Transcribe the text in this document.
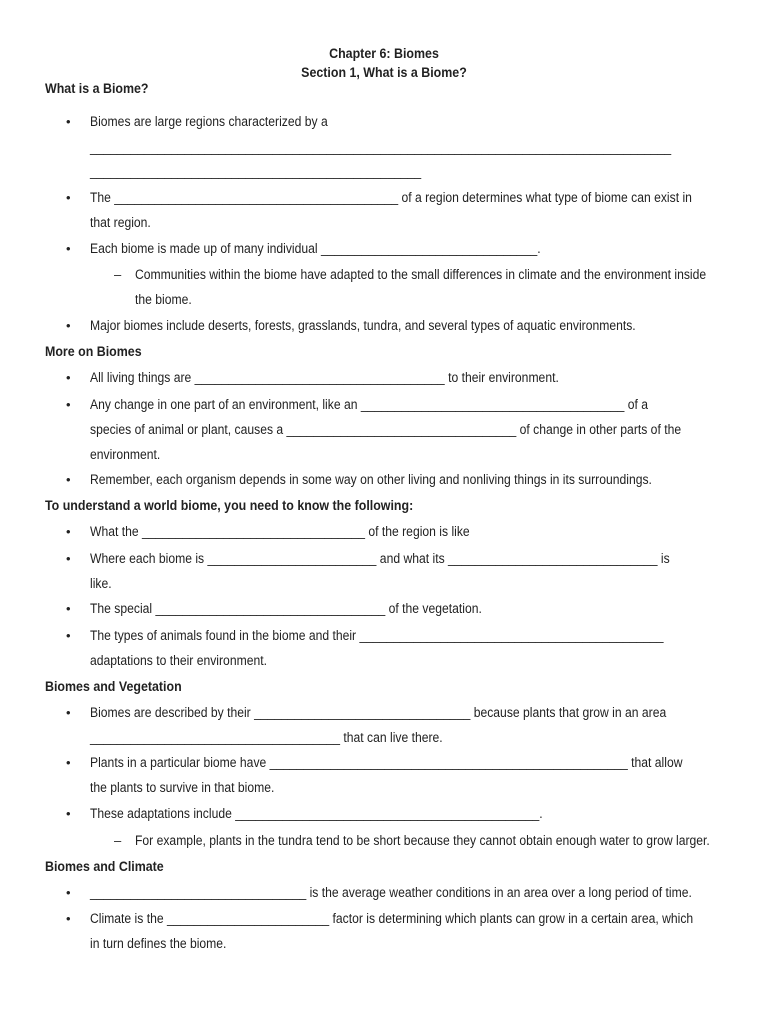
Chapter 6: Biomes
Section 1, What is a Biome?
What is a Biome?
• Biomes are large regions characterized by a
______________________________________________________________________________________
_________________________________________________
• The __________________________________________ of a region determines what type of biome can exist in
that region.
• Each biome is made up of many individual ________________________________.
– Communities within the biome have adapted to the small differences in climate and the environment inside
the biome.
• Major biomes include deserts, forests, grasslands, tundra, and several types of aquatic environments.
More on Biomes
• All living things are _____________________________________ to their environment.
• Any change in one part of an environment, like an _______________________________________ of a
species of animal or plant, causes a __________________________________ of change in other parts of the
environment.
• Remember, each organism depends in some way on other living and nonliving things in its surroundings.
To understand a world biome, you need to know the following:
• What the _________________________________ of the region is like
• Where each biome is _________________________ and what its _______________________________ is
like.
• The special __________________________________ of the vegetation.
• The types of animals found in the biome and their _____________________________________________
adaptations to their environment.
Biomes and Vegetation
• Biomes are described by their ________________________________ because plants that grow in an area
_____________________________________ that can live there.
• Plants in a particular biome have _____________________________________________________ that allow
the plants to survive in that biome.
• These adaptations include _____________________________________________.
– For example, plants in the tundra tend to be short because they cannot obtain enough water to grow larger.
Biomes and Climate
• ________________________________ is the average weather conditions in an area over a long period of time.
• Climate is the ________________________ factor is determining which plants can grow in a certain area, which
in turn defines the biome.
